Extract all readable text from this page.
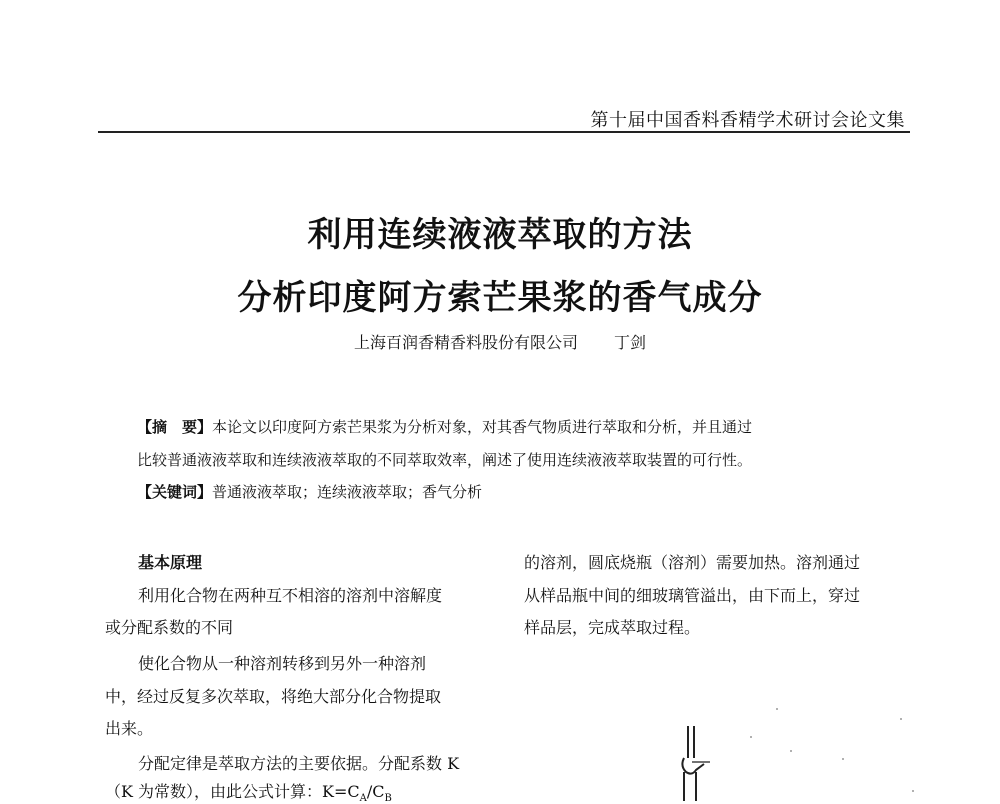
第十届中国香料香精学术研讨会论文集
利用连续液液萃取的方法
分析印度阿方索芒果浆的香气成分
上海百润香精香料股份有限公司 丁剑
【摘　要】本论文以印度阿方索芒果浆为分析对象，对其香气物质进行萃取和分析，并且通过
比较普通液液萃取和连续液液萃取的不同萃取效率，阐述了使用连续液液萃取装置的可行性。
【关键词】普通液液萃取；连续液液萃取；香气分析
基本原理
利用化合物在两种互不相溶的溶剂中溶解度
或分配系数的不同
使化合物从一种溶剂转移到另外一种溶剂
中，经过反复多次萃取，将绝大部分化合物提取
出来。
分配定律是萃取方法的主要依据。分配系数 K
（K 为常数），由此公式计算：$K=C_A/C_B$
的溶剂，圆底烧瓶（溶剂）需要加热。溶剂通过
从样品瓶中间的细玻璃管溢出，由下而上，穿过
样品层，完成萃取过程。
